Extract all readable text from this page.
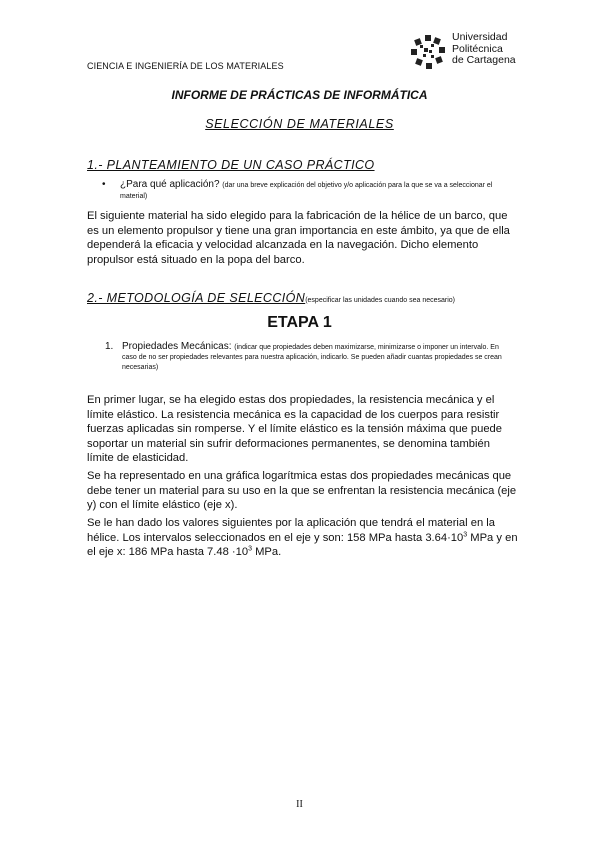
CIENCIA E INGENIERÍA DE LOS MATERIALES
Universidad
Politécnica
de Cartagena
INFORME DE PRÁCTICAS DE INFORMÁTICA
SELECCIÓN DE MATERIALES
1.- PLANTEAMIENTO DE UN CASO PRÁCTICO
• ¿Para qué aplicación? (dar una breve explicación del objetivo y/o aplicación para la que se va a seleccionar el material)
El siguiente material ha sido elegido para la fabricación de la hélice de un barco, que es un elemento propulsor y tiene una gran importancia en este ámbito, ya que de ella dependerá la eficacia y velocidad alcanzada en la navegación. Dicho elemento propulsor está situado en la popa del barco.
2.- METODOLOGÍA DE SELECCIÓN(especificar las unidades cuando sea necesario)
ETAPA 1
1. Propiedades Mecánicas: (indicar que propiedades deben maximizarse, minimizarse o imponer un intervalo. En caso de no ser propiedades relevantes para nuestra aplicación, indicarlo. Se pueden añadir cuantas propiedades se crean necesarias)
En primer lugar, se ha elegido estas dos propiedades, la resistencia mecánica y el límite elástico. La resistencia mecánica es la capacidad de los cuerpos para resistir fuerzas aplicadas sin romperse. Y el límite elástico es la tensión máxima que puede soportar un material sin sufrir deformaciones permanentes, se denomina también límite de elasticidad.
Se ha representado en una gráfica logarítmica estas dos propiedades mecánicas que debe tener un material para su uso en la que se enfrentan la resistencia mecánica (eje y) con el límite elástico (eje x).
Se le han dado los valores siguientes por la aplicación que tendrá el material en la hélice. Los intervalos seleccionados en el eje y son: 158 MPa hasta $3.64\cdot 10^3$ MPa y en el eje x: 186 MPa hasta $7.48 \cdot 10^3$ MPa.
II
